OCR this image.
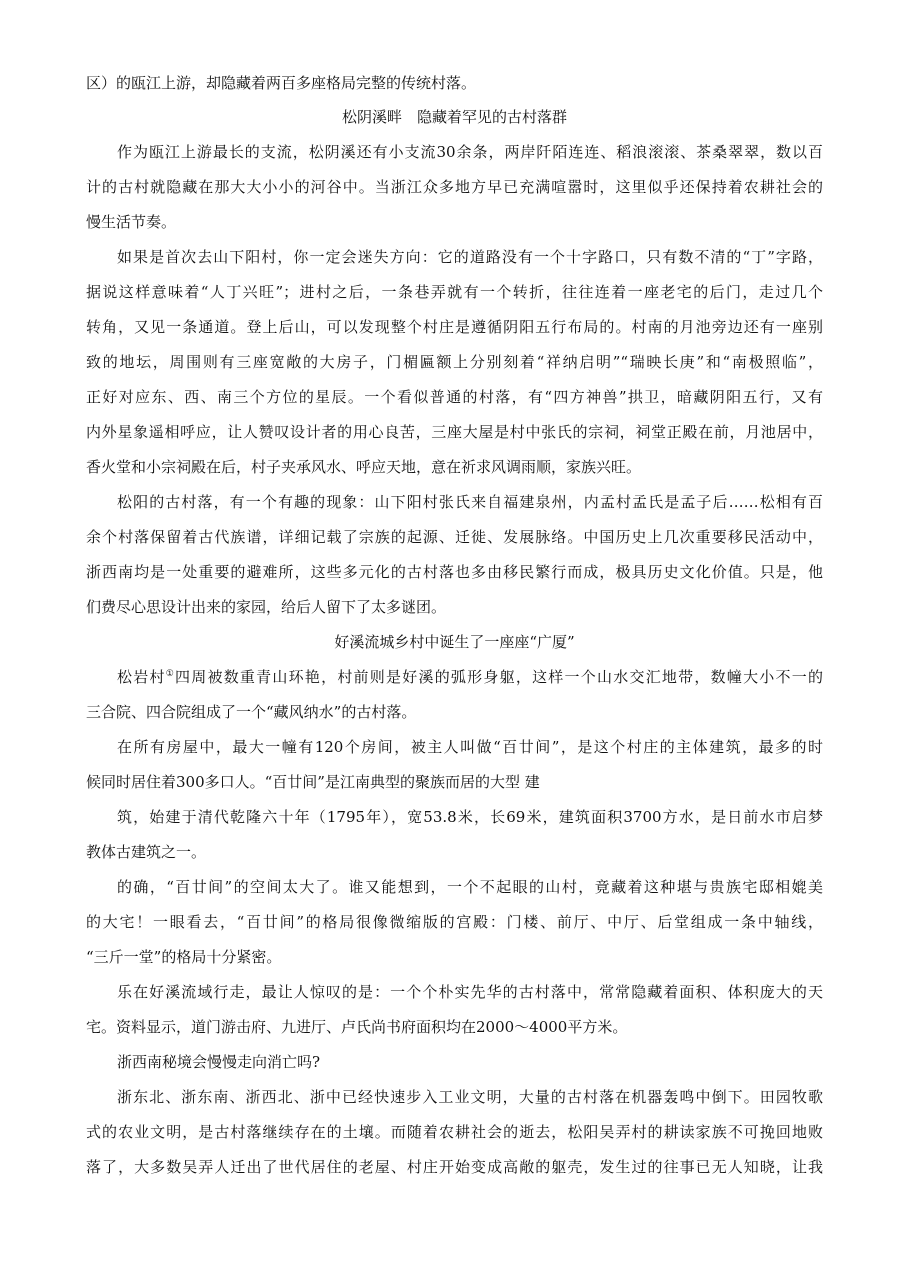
区）的瓯江上游，却隐藏着两百多座格局完整的传统村落。
松阴溪畔　隐藏着罕见的古村落群
作为瓯江上游最长的支流，松阴溪还有小支流30余条，两岸阡陌连连、稻浪滚滚、茶桑翠翠，数以百
计的古村就隐藏在那大大小小的河谷中。当浙江众多地方早已充满喧嚣时，这里似乎还保持着农耕社会的
慢生活节奏。
如果是首次去山下阳村，你一定会迷失方向：它的道路没有一个十字路口，只有数不清的“丁”字路，
据说这样意味着“人丁兴旺”；进村之后，一条巷弄就有一个转折，往往连着一座老宅的后门，走过几个
转角，又见一条通道。登上后山，可以发现整个村庄是遵循阴阳五行布局的。村南的月池旁边还有一座别
致的地坛，周围则有三座宽敞的大房子，门楣匾额上分别刻着“祥纳启明”“瑞映长庚”和“南极照临”，
正好对应东、西、南三个方位的星辰。一个看似普通的村落，有“四方神兽”拱卫，暗藏阴阳五行，又有
内外星象遥相呼应，让人赞叹设计者的用心良苦，三座大屋是村中张氏的宗祠，祠堂正殿在前，月池居中，
香火堂和小宗祠殿在后，村子夹承风水、呼应天地，意在祈求风调雨顺，家族兴旺。
松阳的古村落，有一个有趣的现象：山下阳村张氏来自福建泉州，内孟村孟氏是孟子后……松相有百
余个村落保留着古代族谱，详细记载了宗族的起源、迁徙、发展脉络。中国历史上几次重要移民活动中，
浙西南均是一处重要的避难所，这些多元化的古村落也多由移民繁行而成，极具历史文化价值。只是，他
们费尽心思设计出来的家园，给后人留下了太多谜团。
好溪流城乡村中诞生了一座座“广厦”
松岩村①四周被数重青山环艳，村前则是好溪的弧形身躯，这样一个山水交汇地带，数幢大小不一的
三合院、四合院组成了一个“藏风纳水”的古村落。
在所有房屋中，最大一幢有120个房间，被主人叫做“百廿间”，是这个村庄的主体建筑，最多的时
候同时居住着300多口人。“百廿间”是江南典型的聚族而居的大型 建
筑，始建于清代乾隆六十年（1795年），宽53.8米，长69米，建筑面积3700方水，是日前水市启梦
教体古建筑之一。
的确，“百廿间”的空间太大了。谁又能想到，一个不起眼的山村，竟藏着这种堪与贵族宅邸相媲美
的大宅！一眼看去，“百廿间”的格局很像微缩版的宫殿：门楼、前厅、中厅、后堂组成一条中轴线，
“三斤一堂”的格局十分紧密。
乐在好溪流域行走，最让人惊叹的是：一个个朴实先华的古村落中，常常隐藏着面积、体积庞大的天
宅。资料显示，道门游击府、九进厅、卢氏尚书府面积均在2000～4000平方米。
浙西南秘境会慢慢走向消亡吗?
浙东北、浙东南、浙西北、浙中已经快速步入工业文明，大量的古村落在机器轰鸣中倒下。田园牧歌
式的农业文明，是古村落继续存在的土壤。而随着农耕社会的逝去，松阳吴弄村的耕读家族不可挽回地败
落了，大多数吴弄人迁出了世代居住的老屋、村庄开始变成高敞的躯壳，发生过的往事已无人知晓，让我
